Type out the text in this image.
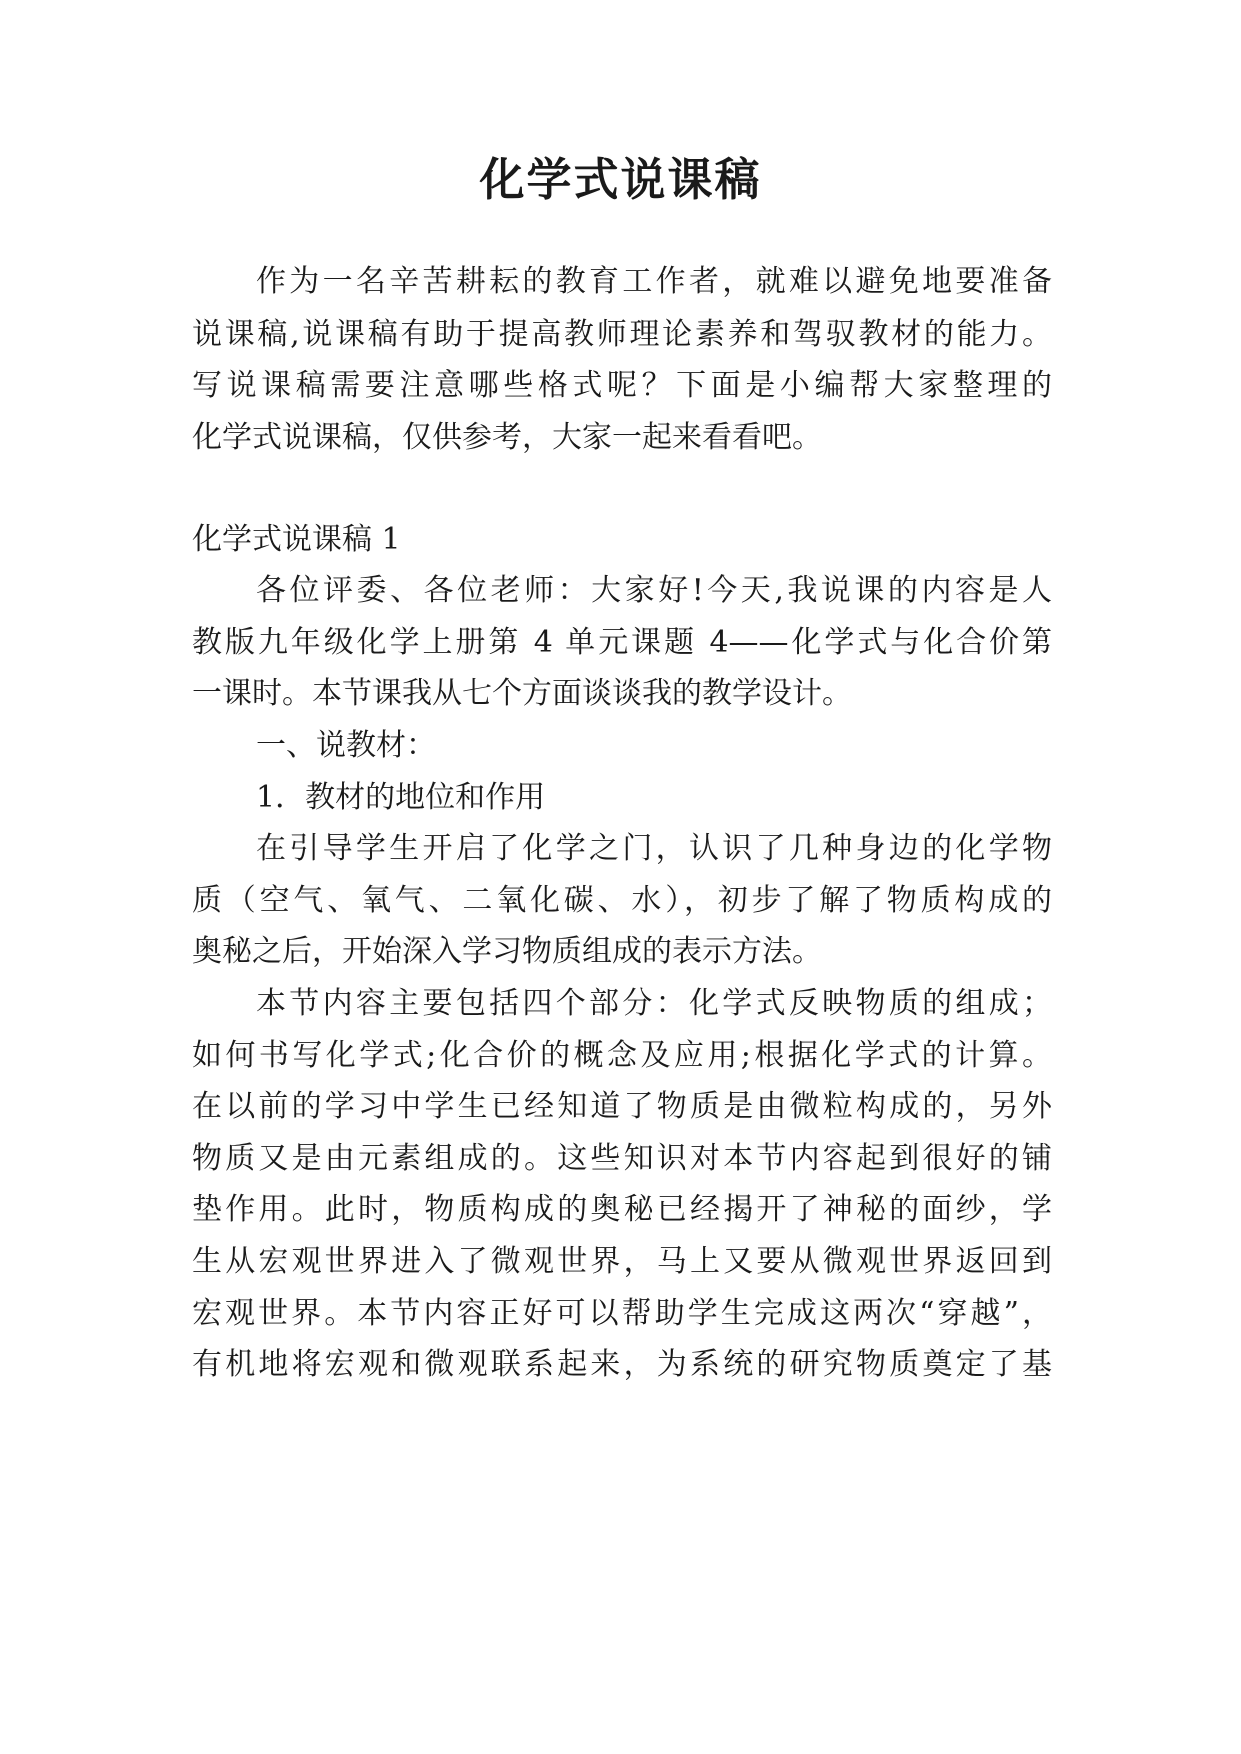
化学式说课稿
作为一名辛苦耕耘的教育工作者，就难以避免地要准备
说课稿,说课稿有助于提高教师理论素养和驾驭教材的能力。
写说课稿需要注意哪些格式呢？下面是小编帮大家整理的
化学式说课稿，仅供参考，大家一起来看看吧。
化学式说课稿 1
各位评委、各位老师：大家好!今天,我说课的内容是人
教版九年级化学上册第 4 单元课题 4——化学式与化合价第
一课时。本节课我从七个方面谈谈我的教学设计。
一、说教材：
1．教材的地位和作用
在引导学生开启了化学之门，认识了几种身边的化学物
质（空气、氧气、二氧化碳、水），初步了解了物质构成的
奥秘之后，开始深入学习物质组成的表示方法。
本节内容主要包括四个部分：化学式反映物质的组成；
如何书写化学式;化合价的概念及应用;根据化学式的计算。
在以前的学习中学生已经知道了物质是由微粒构成的，另外
物质又是由元素组成的。这些知识对本节内容起到很好的铺
垫作用。此时，物质构成的奥秘已经揭开了神秘的面纱，学
生从宏观世界进入了微观世界，马上又要从微观世界返回到
宏观世界。本节内容正好可以帮助学生完成这两次“穿越”，
有机地将宏观和微观联系起来，为系统的研究物质奠定了基
